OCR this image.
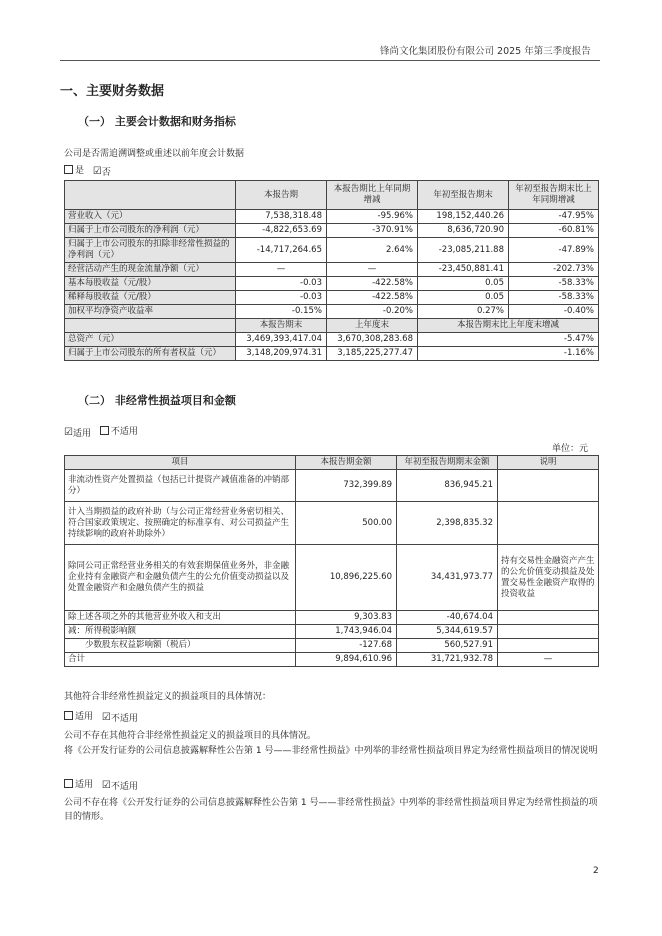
锋尚文化集团股份有限公司 2025 年第三季度报告
一、主要财务数据
（一） 主要会计数据和财务指标
公司是否需追溯调整或重述以前年度会计数据
是
☑ 否
	本报告期	本报告期比上年同期增减	年初至报告期末	年初至报告期末比上年同期增减
营业收入（元）	7,538,318.48	-95.96%	198,152,440.26	-47.95%
归属于上市公司股东的净利润（元）	-4,822,653.69	-370.91%	8,636,720.90	-60.81%
归属于上市公司股东的扣除非经常性损益的净利润（元）	-14,717,264.65	2.64%	-23,085,211.88	-47.89%
经营活动产生的现金流量净额（元）	—	—	-23,450,881.41	-202.73%
基本每股收益（元/股）	-0.03	-422.58%	0.05	-58.33%
稀释每股收益（元/股）	-0.03	-422.58%	0.05	-58.33%
加权平均净资产收益率	-0.15%	-0.20%	0.27%	-0.40%
	本报告期末	上年度末	本报告期末比上年度末增减	
总资产（元）	3,469,393,417.04	3,670,308,283.68	-5.47%	
归属于上市公司股东的所有者权益（元）	3,148,209,974.31	3,185,225,277.47	-1.16%	
（二） 非经常性损益项目和金额
☑ 适用
不适用
单位：元
项目	本报告期金额	年初至报告期期末金额	说明
非流动性资产处置损益（包括已计提资产减值准备的冲销部分）	732,399.89	836,945.21	
计入当期损益的政府补助（与公司正常经营业务密切相关、符合国家政策规定、按照确定的标准享有、对公司损益产生持续影响的政府补助除外）	500.00	2,398,835.32	
除同公司正常经营业务相关的有效套期保值业务外，非金融企业持有金融资产和金融负债产生的公允价值变动损益以及处置金融资产和金融负债产生的损益	10,896,225.60	34,431,973.77	持有交易性金融资产产生的公允价值变动损益及处置交易性金融资产取得的投资收益
除上述各项之外的其他营业外收入和支出	9,303.83	-40,674.04	
减：所得税影响额	1,743,946.04	5,344,619.57	
　　少数股东权益影响额（税后）	-127.68	560,527.91	
合计	9,894,610.96	31,721,932.78	—
其他符合非经常性损益定义的损益项目的具体情况：
适用
☑ 不适用
公司不存在其他符合非经常性损益定义的损益项目的具体情况。
将《公开发行证券的公司信息披露解释性公告第 1 号——非经常性损益》中列举的非经常性损益项目界定为经常性损益项目的情况说明
适用
☑ 不适用
公司不存在将《公开发行证券的公司信息披露解释性公告第 1 号——非经常性损益》中列举的非经常性损益项目界定为经常性损益的项目的情形。
2
